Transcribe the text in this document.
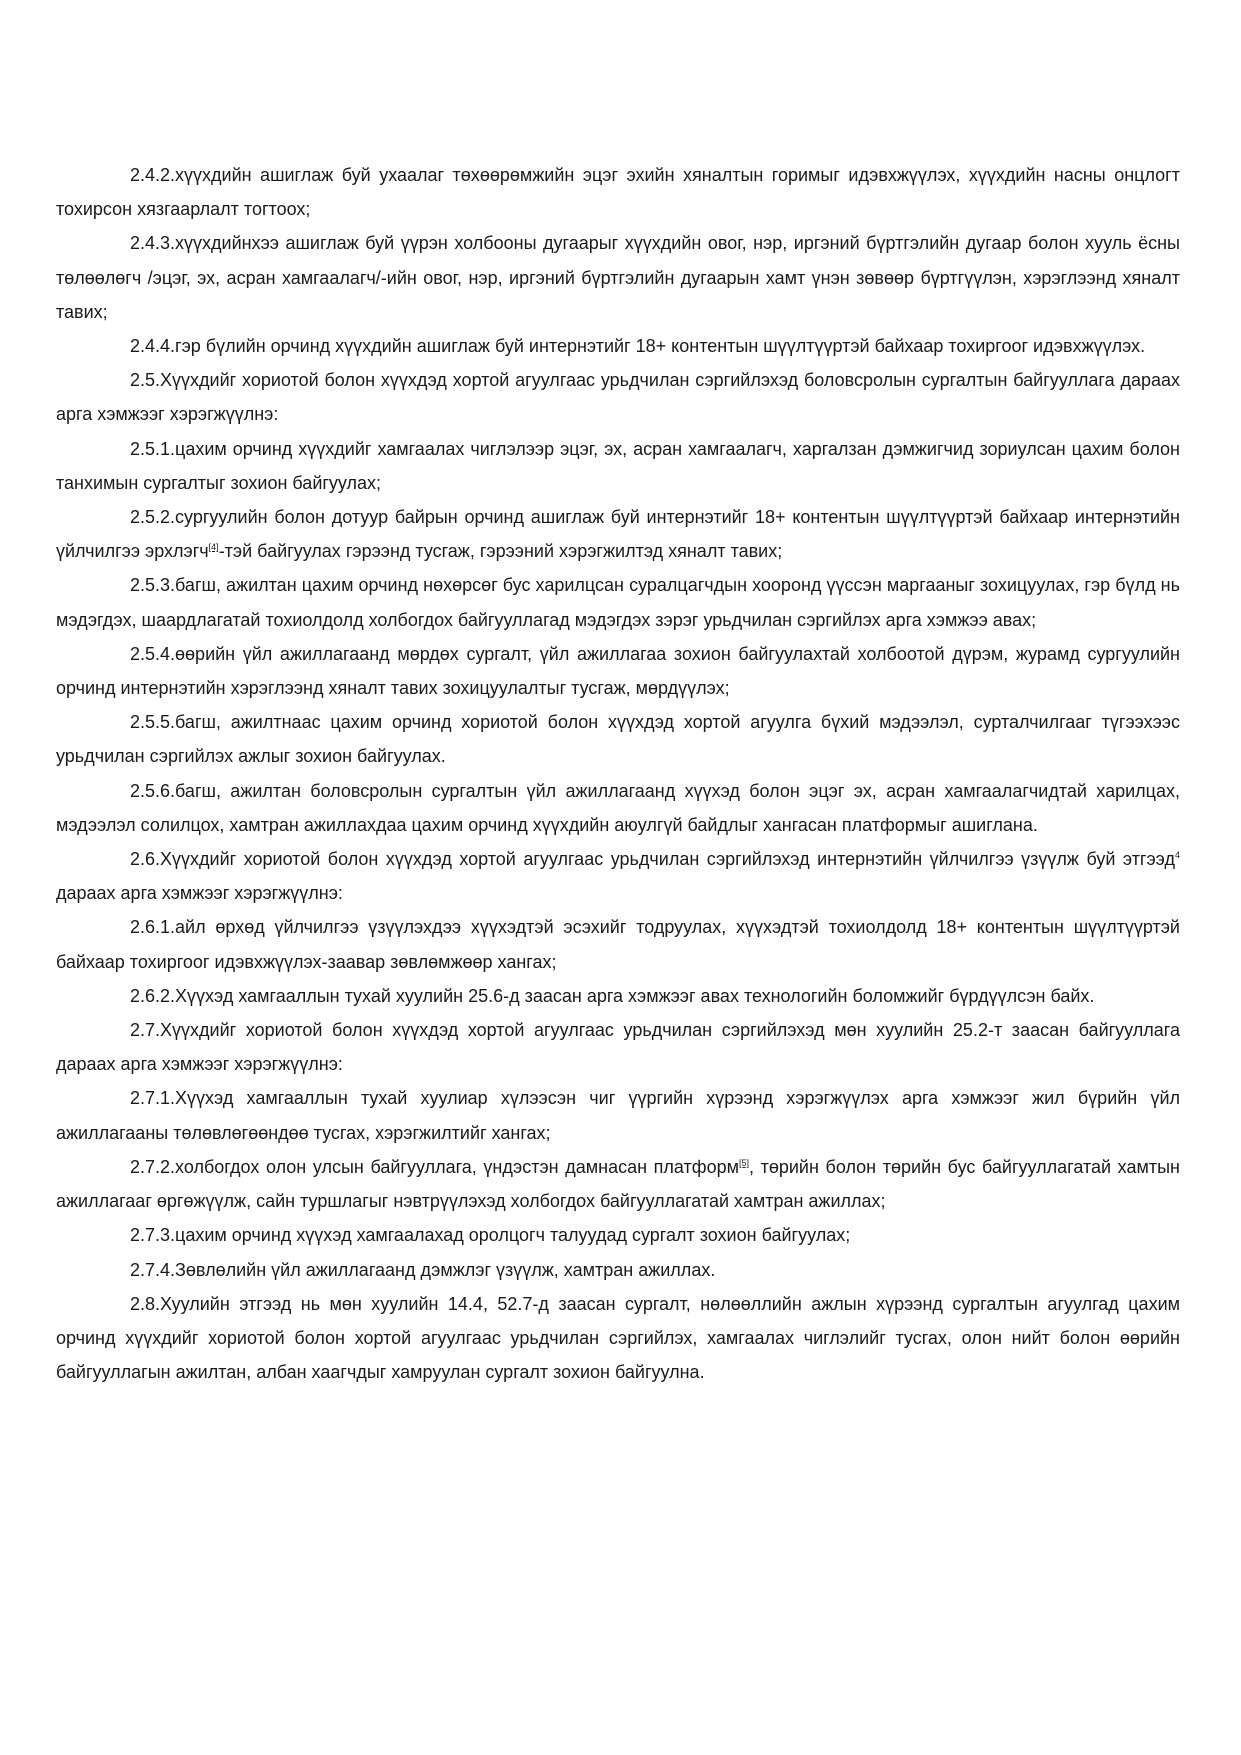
2.4.2.хүүхдийн ашиглаж буй ухаалаг төхөөрөмжийн эцэг эхийн хяналтын горимыг идэвхжүүлэх, хүүхдийн насны онцлогт тохирсон хязгаарлалт тогтоох;

2.4.3.хүүхдийнхээ ашиглаж буй үүрэн холбооны дугаарыг хүүхдийн овог, нэр, иргэний бүртгэлийн дугаар болон хууль ёсны төлөөлөгч /эцэг, эх, асран хамгаалагч/-ийн овог, нэр, иргэний бүртгэлийн дугаарын хамт үнэн зөвөөр бүртгүүлэн, хэрэглээнд хяналт тавих;

2.4.4.гэр бүлийн орчинд хүүхдийн ашиглаж буй интернэтийг 18+ контентын шүүлтүүртэй байхаар тохиргоог идэвхжүүлэх.

2.5.Хүүхдийг хориотой болон хүүхдэд хортой агуулгаас урьдчилан сэргийлэхэд боловсролын сургалтын байгууллага дараах арга хэмжээг хэрэгжүүлнэ:

2.5.1.цахим орчинд хүүхдийг хамгаалах чиглэлээр эцэг, эх, асран хамгаалагч, харгалзан дэмжигчид зориулсан цахим болон танхимын сургалтыг зохион байгуулах;

2.5.2.сургуулийн болон дотуур байрын орчинд ашиглаж буй интернэтийг 18+ контентын шүүлтүүртэй байхаар интернэтийн үйлчилгээ эрхлэгч[4]-тэй байгуулах гэрээнд тусгаж, гэрээний хэрэгжилтэд хяналт тавих;

2.5.3.багш, ажилтан цахим орчинд нөхөрсөг бус харилцсан суралцагчдын хооронд үүссэн маргааныг зохицуулах, гэр бүлд нь мэдэгдэх, шаардлагатай тохиолдолд холбогдох байгууллагад мэдэгдэх зэрэг урьдчилан сэргийлэх арга хэмжээ авах;

2.5.4.өөрийн үйл ажиллагаанд мөрдөх сургалт, үйл ажиллагаа зохион байгуулахтай холбоотой дүрэм, журамд сургуулийн орчинд интернэтийн хэрэглээнд хяналт тавих зохицуулалтыг тусгаж, мөрдүүлэх;

2.5.5.багш, ажилтнаас цахим орчинд хориотой болон хүүхдэд хортой агуулга бүхий мэдээлэл, сурталчилгааг түгээхээс урьдчилан сэргийлэх ажлыг зохион байгуулах.

2.5.6.багш, ажилтан боловсролын сургалтын үйл ажиллагаанд хүүхэд болон эцэг эх, асран хамгаалагчидтай харилцах, мэдээлэл солилцох, хамтран ажиллахдаа цахим орчинд хүүхдийн аюулгүй байдлыг хангасан платформыг ашиглана.

2.6.Хүүхдийг хориотой болон хүүхдэд хортой агуулгаас урьдчилан сэргийлэхэд интернэтийн үйлчилгээ үзүүлж буй этгээд$^4$ дараах арга хэмжээг хэрэгжүүлнэ:

2.6.1.айл өрхөд үйлчилгээ үзүүлэхдээ хүүхэдтэй эсэхийг тодруулах, хүүхэдтэй тохиолдолд 18+ контентын шүүлтүүртэй байхаар тохиргоог идэвхжүүлэх-заавар зөвлөмжөөр хангах;

2.6.2.Хүүхэд хамгааллын тухай хуулийн 25.6-д заасан арга хэмжээг авах технологийн боломжийг бүрдүүлсэн байх.

2.7.Хүүхдийг хориотой болон хүүхдэд хортой агуулгаас урьдчилан сэргийлэхэд мөн хуулийн 25.2-т заасан байгууллага дараах арга хэмжээг хэрэгжүүлнэ:

2.7.1.Хүүхэд хамгааллын тухай хуулиар хүлээсэн чиг үүргийн хүрээнд хэрэгжүүлэх арга хэмжээг жил бүрийн үйл ажиллагааны төлөвлөгөөндөө тусгах, хэрэгжилтийг хангах;

2.7.2.холбогдох олон улсын байгууллага, үндэстэн дамнасан платформ[5], төрийн болон төрийн бус байгууллагатай хамтын ажиллагааг өргөжүүлж, сайн туршлагыг нэвтрүүлэхэд холбогдох байгууллагатай хамтран ажиллах;

2.7.3.цахим орчинд хүүхэд хамгаалахад оролцогч талуудад сургалт зохион байгуулах;

2.7.4.Зөвлөлийн үйл ажиллагаанд дэмжлэг үзүүлж, хамтран ажиллах.

2.8.Хуулийн этгээд нь мөн хуулийн 14.4, 52.7-д заасан сургалт, нөлөөллийн ажлын хүрээнд сургалтын агуулгад цахим орчинд хүүхдийг хориотой болон хортой агуулгаас урьдчилан сэргийлэх, хамгаалах чиглэлийг тусгах, олон нийт болон өөрийн байгууллагын ажилтан, албан хаагчдыг хамруулан сургалт зохион байгуулна.
